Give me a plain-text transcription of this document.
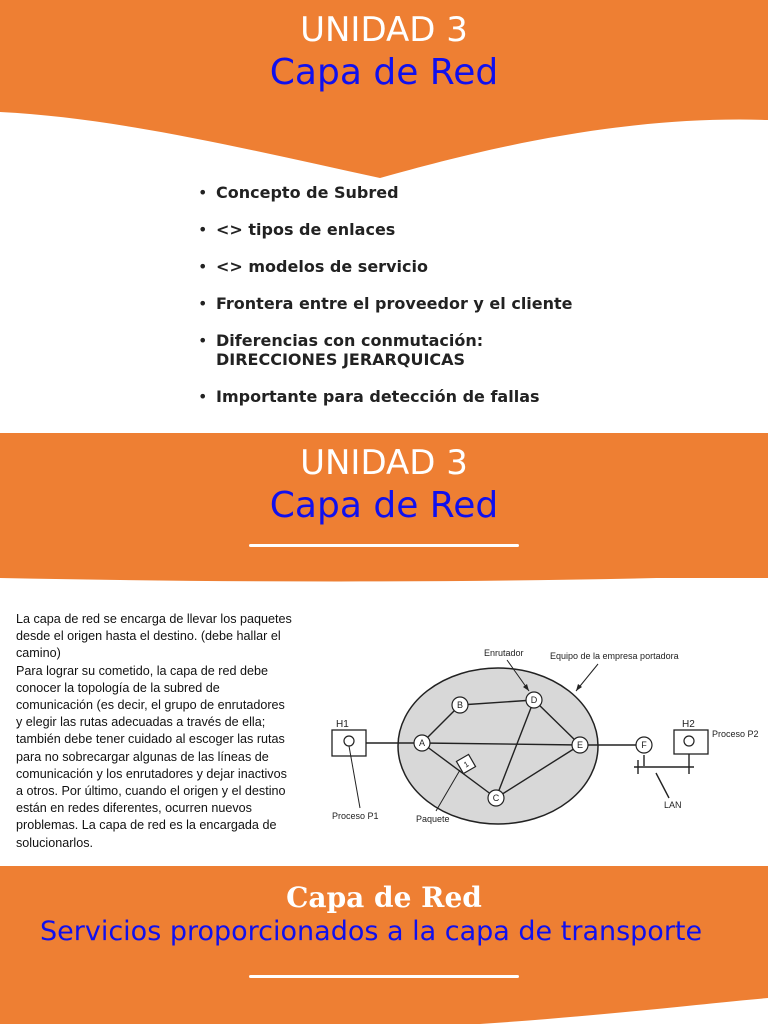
UNIDAD 3
Capa de Red
• Concepto de Subred
• <> tipos de enlaces
• <> modelos de servicio
• Frontera entre el proveedor y el cliente
• Diferencias con conmutación:
DIRECCIONES JERARQUICAS
• Importante para detección de fallas
UNIDAD 3
Capa de Red
La capa de red se encarga de llevar los paquetes
desde el origen hasta el destino. (debe hallar el
camino)
Para lograr su cometido, la capa de red debe
conocer la topología de la subred de
comunicación (es decir, el grupo de enrutadores
y elegir las rutas adecuadas a través de ella;
también debe tener cuidado al escoger las rutas
para no sobrecargar algunas de las líneas de
comunicación y los enrutadores y dejar inactivos
a otros. Por último, cuando el origen y el destino
están en redes diferentes, ocurren nuevos
problemas. La capa de red es la encargada de
solucionarlos.
H1
Proceso P1
H2
Proceso P2
LAN
A
B
C
D
E	F
1
Paquete
Enrutador	Equipo de la empresa portadora
Capa de Red
Servicios proporcionados a la capa de transporte
